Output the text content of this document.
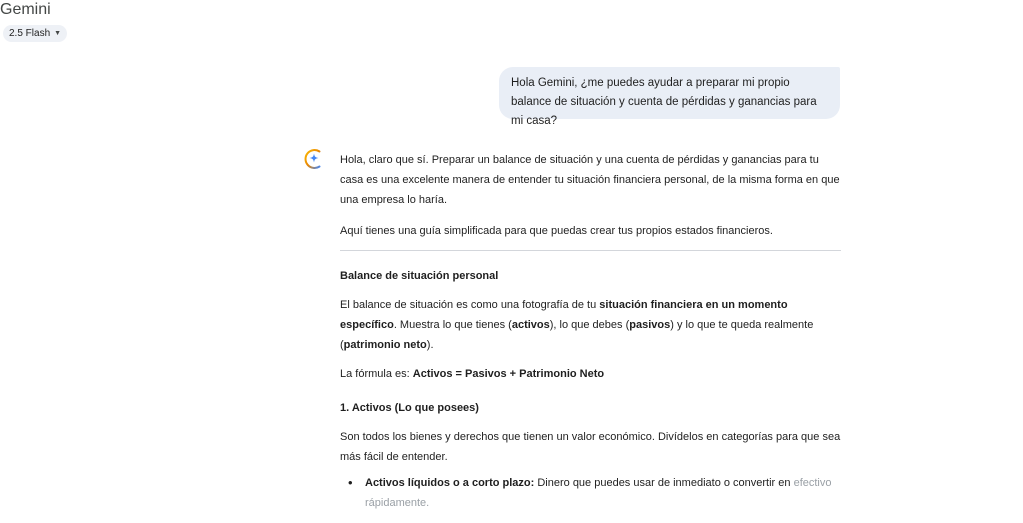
Gemini
2.5 Flash ▼
Hola Gemini, ¿me puedes ayudar a preparar mi propio balance de situación y cuenta de pérdidas y ganancias para mi casa?

Hola, claro que sí. Preparar un balance de situación y una cuenta de pérdidas y ganancias para tu casa es una excelente manera de entender tu situación financiera personal, de la misma forma en que una empresa lo haría.

Aquí tienes una guía simplificada para que puedas crear tus propios estados financieros.

Balance de situación personal

El balance de situación es como una fotografía de tu situación financiera en un momento específico. Muestra lo que tienes (activos), lo que debes (pasivos) y lo que te queda realmente (patrimonio neto).

La fórmula es: Activos = Pasivos + Patrimonio Neto

1. Activos (Lo que posees)

Son todos los bienes y derechos que tienen un valor económico. Divídelos en categorías para que sea más fácil de entender.

• Activos líquidos o a corto plazo: Dinero que puedes usar de inmediato o convertir en efectivo rápidamente.
